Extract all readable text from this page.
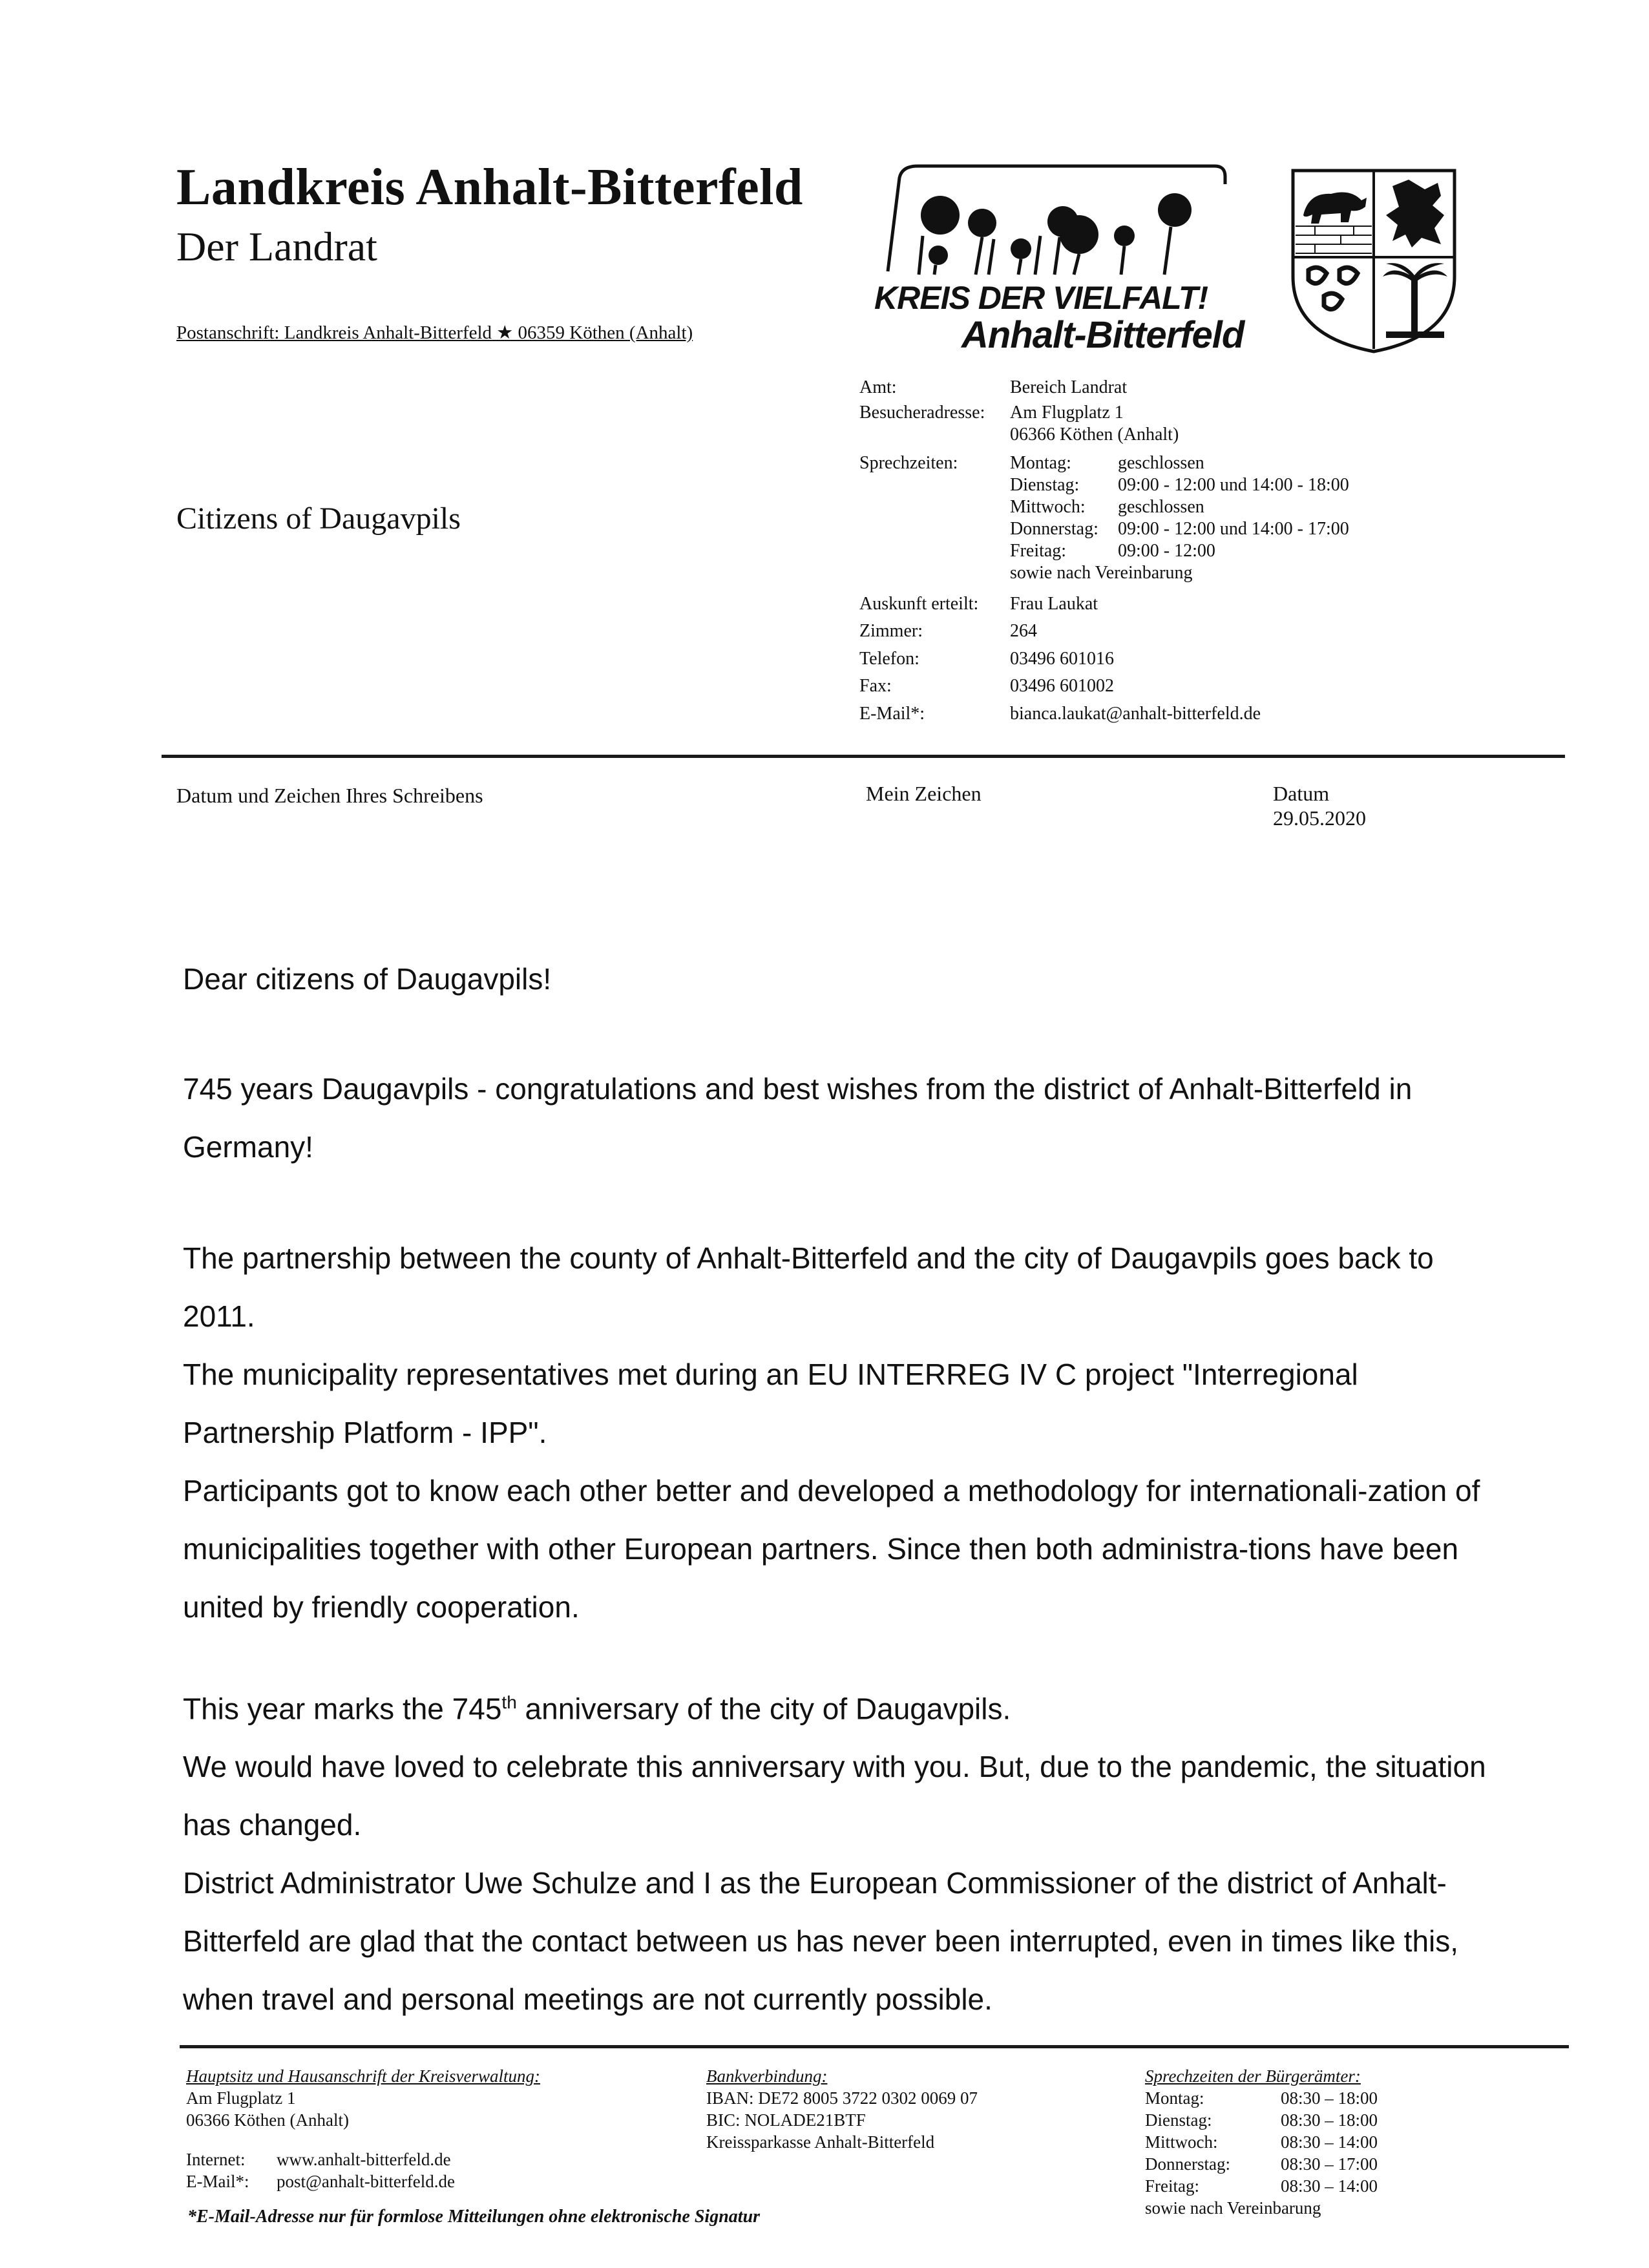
Landkreis Anhalt-Bitterfeld
Der Landrat
Postanschrift: Landkreis Anhalt-Bitterfeld ★ 06359 Köthen (Anhalt)
Citizens of Daugavpils
KREIS DER VIELFALT!
Anhalt-Bitterfeld
Amt:	Bereich Landrat
Besucheradresse: Am Flugplatz 1
06366 Köthen (Anhalt)
Sprechzeiten:	Montag:	geschlossen
Dienstag: 09:00 - 12:00 und 14:00 - 18:00
Mittwoch: geschlossen
Donnerstag: 09:00 - 12:00 und 14:00 - 17:00
Freitag:	09:00 - 12:00
sowie nach Vereinbarung
Auskunft erteilt: Frau Laukat
Zimmer:	264
Telefon:	03496 601016
Fax:	03496 601002
E-Mail*:	bianca.laukat@anhalt-bitterfeld.de
Datum und Zeichen Ihres Schreibens	Mein Zeichen	Datum
29.05.2020
Dear citizens of Daugavpils!
745 years Daugavpils - congratulations and best wishes from the district of Anhalt-Bitterfeld in Germany!

The partnership between the county of Anhalt-Bitterfeld and the city of Daugavpils goes back to 2011.

The municipality representatives met during an EU INTERREG IV C project "Interregional Partnership Platform - IPP".

Participants got to know each other better and developed a methodology for internationali-zation of municipalities together with other European partners. Since then both administra-tions have been united by friendly cooperation.

This year marks the 745th anniversary of the city of Daugavpils.

We would have loved to celebrate this anniversary with you. But, due to the pandemic, the situation has changed.

District Administrator Uwe Schulze and I as the European Commissioner of the district of Anhalt-Bitterfeld are glad that the contact between us has never been interrupted, even in times like this, when travel and personal meetings are not currently possible.

Hauptsitz und Hausanschrift der Kreisverwaltung:
Am Flugplatz 1
06366 Köthen (Anhalt)
Internet: www.anhalt-bitterfeld.de
E-Mail*: post@anhalt-bitterfeld.de
Bankverbindung:
IBAN: DE72 8005 3722 0302 0069 07
BIC: NOLADE21BTF
Kreissparkasse Anhalt-Bitterfeld
Sprechzeiten der Bürgerämter:
Montag:	08:30 – 18:00
Dienstag:	08:30 – 18:00
Mittwoch:	08:30 – 14:00
Donnerstag:	08:30 – 17:00
Freitag:	08:30 – 14:00
sowie nach Vereinbarung
*E-Mail-Adresse nur für formlose Mitteilungen ohne elektronische Signatur
